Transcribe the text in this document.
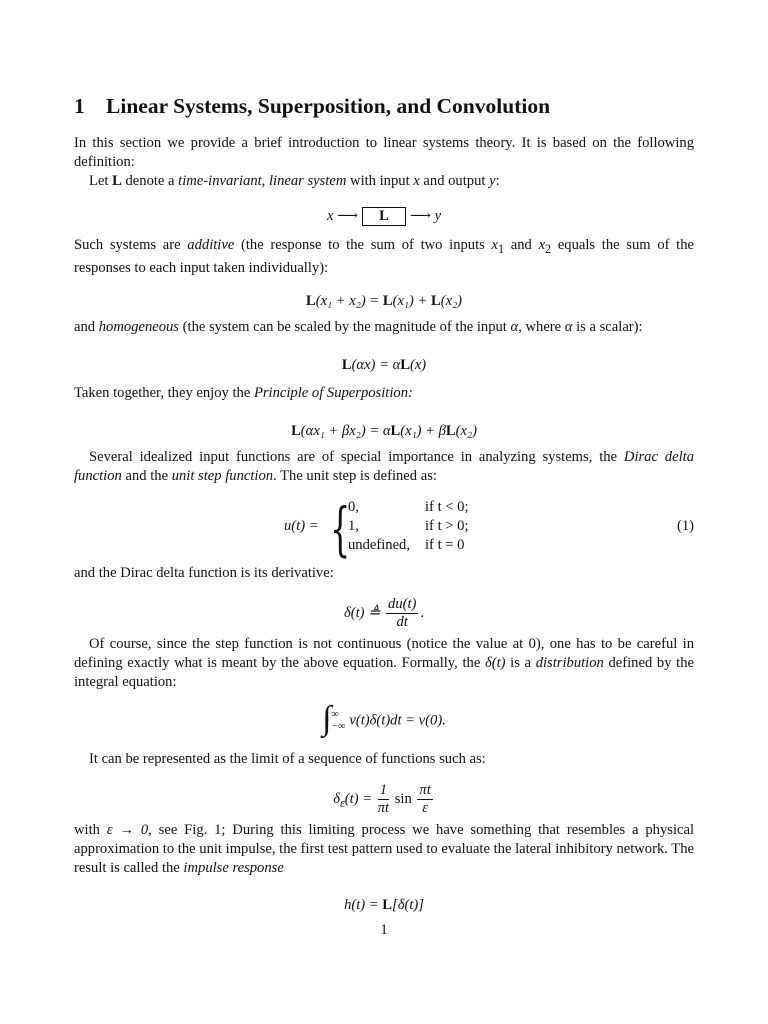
1 Linear Systems, Superposition, and Convolution

In this section we provide a brief introduction to linear systems theory. It is based on the following definition:

Let L denote a time-invariant, linear system with input x and output y:

x ⟶ L ⟶ y

Such systems are additive (the response to the sum of two inputs $x_1$ and $x_2$ equals the sum of the responses to each input taken individually):

L(x₁ + x₂) = L(x₁) + L(x₂)

and homogeneous (the system can be scaled by the magnitude of the input α, where α is a scalar):

L(αx) = αL(x)

Taken together, they enjoy the Principle of Superposition:

L(αx₁ + βx₂) = αL(x₁) + βL(x₂)

Several idealized input functions are of special importance in analyzing systems, the Dirac delta function and the unit step function. The unit step is defined as:

u(t) = {
0,
1,
undefined,
if t < 0;
if t > 0;
if t = 0
(1)

and the Dirac delta function is its derivative:

δ(t) ≜ $\frac{du(t)}{dt}$ .

Of course, since the step function is not continuous (notice the value at 0), one has to be careful in defining exactly what is meant by the above equation. Formally, the δ(t) is a distribution defined by the integral equation:

∫ ∞
−∞ v(t)δ(t)dt = v(0).

It can be represented as the limit of a sequence of functions such as:

$\delta_\varepsilon(t) = \frac{1}{\pi t}$ $\sin \frac{\pi t}{\varepsilon}$

with ε → 0, see Fig. 1; During this limiting process we have something that resembles a physical approximation to the unit impulse, the first test pattern used to evaluate the lateral inhibitory network. The result is called the impulse response

h(t) = L[δ(t)]
1
